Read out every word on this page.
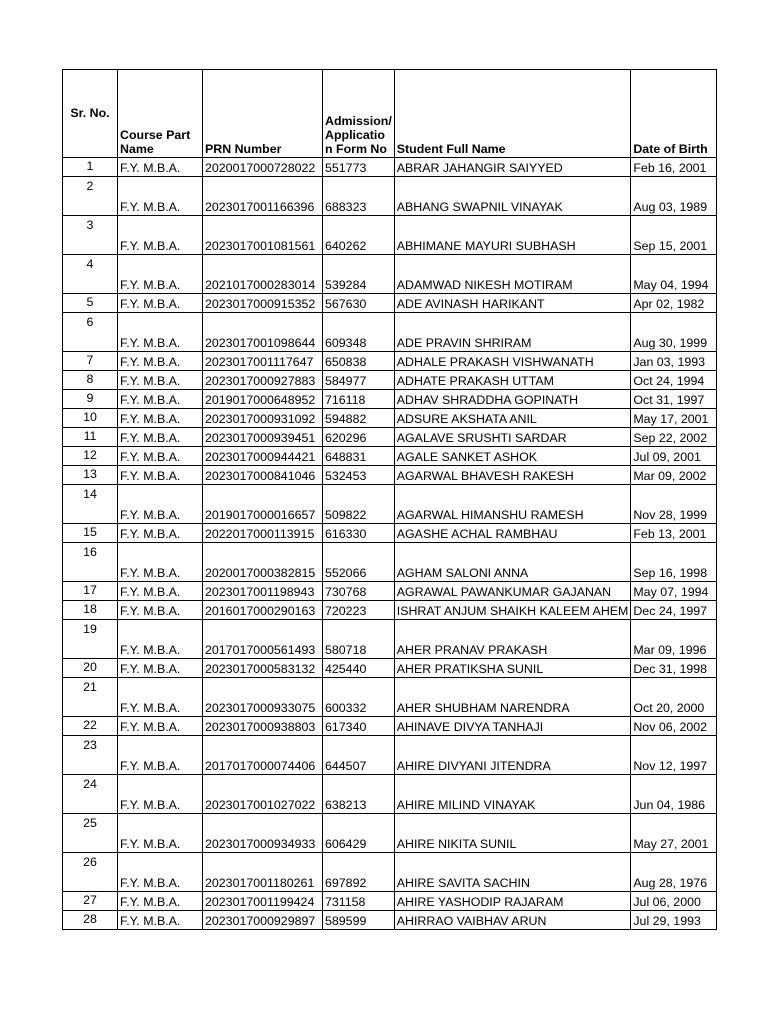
Sr. No.	Course Part Name	PRN Number	Admission/ Applicatio n Form No	Student Full Name	Date of Birth
1	F.Y. M.B.A.	2020017000728022	551773	ABRAR JAHANGIR SAIYYED	Feb 16, 2001
2	F.Y. M.B.A.	2023017001166396	688323	ABHANG SWAPNIL VINAYAK	Aug 03, 1989
3	F.Y. M.B.A.	2023017001081561	640262	ABHIMANE MAYURI SUBHASH	Sep 15, 2001
4	F.Y. M.B.A.	2021017000283014	539284	ADAMWAD NIKESH MOTIRAM	May 04, 1994
5	F.Y. M.B.A.	2023017000915352	567630	ADE AVINASH HARIKANT	Apr 02, 1982
6	F.Y. M.B.A.	2023017001098644	609348	ADE PRAVIN SHRIRAM	Aug 30, 1999
7	F.Y. M.B.A.	2023017001117647	650838	ADHALE PRAKASH VISHWANATH	Jan 03, 1993
8	F.Y. M.B.A.	2023017000927883	584977	ADHATE PRAKASH UTTAM	Oct 24, 1994
9	F.Y. M.B.A.	2019017000648952	716118	ADHAV SHRADDHA GOPINATH	Oct 31, 1997
10	F.Y. M.B.A.	2023017000931092	594882	ADSURE AKSHATA ANIL	May 17, 2001
11	F.Y. M.B.A.	2023017000939451	620296	AGALAVE SRUSHTI SARDAR	Sep 22, 2002
12	F.Y. M.B.A.	2023017000944421	648831	AGALE SANKET ASHOK	Jul 09, 2001
13	F.Y. M.B.A.	2023017000841046	532453	AGARWAL BHAVESH RAKESH	Mar 09, 2002
14	F.Y. M.B.A.	2019017000016657	509822	AGARWAL HIMANSHU RAMESH	Nov 28, 1999
15	F.Y. M.B.A.	2022017000113915	616330	AGASHE ACHAL RAMBHAU	Feb 13, 2001
16	F.Y. M.B.A.	2020017000382815	552066	AGHAM SALONI ANNA	Sep 16, 1998
17	F.Y. M.B.A.	2023017001198943	730768	AGRAWAL PAWANKUMAR GAJANAN	May 07, 1994
18	F.Y. M.B.A.	2016017000290163	720223	ISHRAT ANJUM SHAIKH KALEEM AHEM	Dec 24, 1997
19	F.Y. M.B.A.	2017017000561493	580718	AHER PRANAV PRAKASH	Mar 09, 1996
20	F.Y. M.B.A.	2023017000583132	425440	AHER PRATIKSHA SUNIL	Dec 31, 1998
21	F.Y. M.B.A.	2023017000933075	600332	AHER SHUBHAM NARENDRA	Oct 20, 2000
22	F.Y. M.B.A.	2023017000938803	617340	AHINAVE DIVYA TANHAJI	Nov 06, 2002
23	F.Y. M.B.A.	2017017000074406	644507	AHIRE DIVYANI JITENDRA	Nov 12, 1997
24	F.Y. M.B.A.	2023017001027022	638213	AHIRE MILIND VINAYAK	Jun 04, 1986
25	F.Y. M.B.A.	2023017000934933	606429	AHIRE NIKITA SUNIL	May 27, 2001
26	F.Y. M.B.A.	2023017001180261	697892	AHIRE SAVITA SACHIN	Aug 28, 1976
27	F.Y. M.B.A.	2023017001199424	731158	AHIRE YASHODIP RAJARAM	Jul 06, 2000
28	F.Y. M.B.A.	2023017000929897	589599	AHIRRAO VAIBHAV ARUN	Jul 29, 1993
